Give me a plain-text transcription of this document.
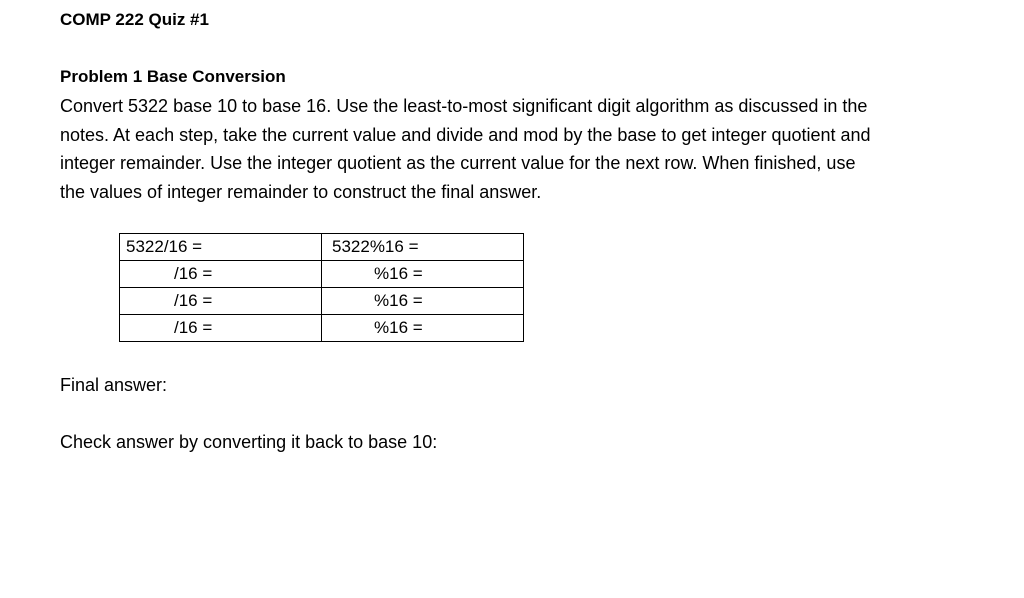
COMP 222 Quiz #1
Problem 1 Base Conversion
Convert 5322 base 10 to base 16. Use the least-to-most significant digit algorithm as discussed in the
notes. At each step, take the current value and divide and mod by the base to get integer quotient and
integer remainder. Use the integer quotient as the current value for the next row. When finished, use
the values of integer remainder to construct the final answer.
5322/16 =	5322%16 =

/16 =	%16 =

/16 =	%16 =

/16 =	%16 =
Final answer:
Check answer by converting it back to base 10:
